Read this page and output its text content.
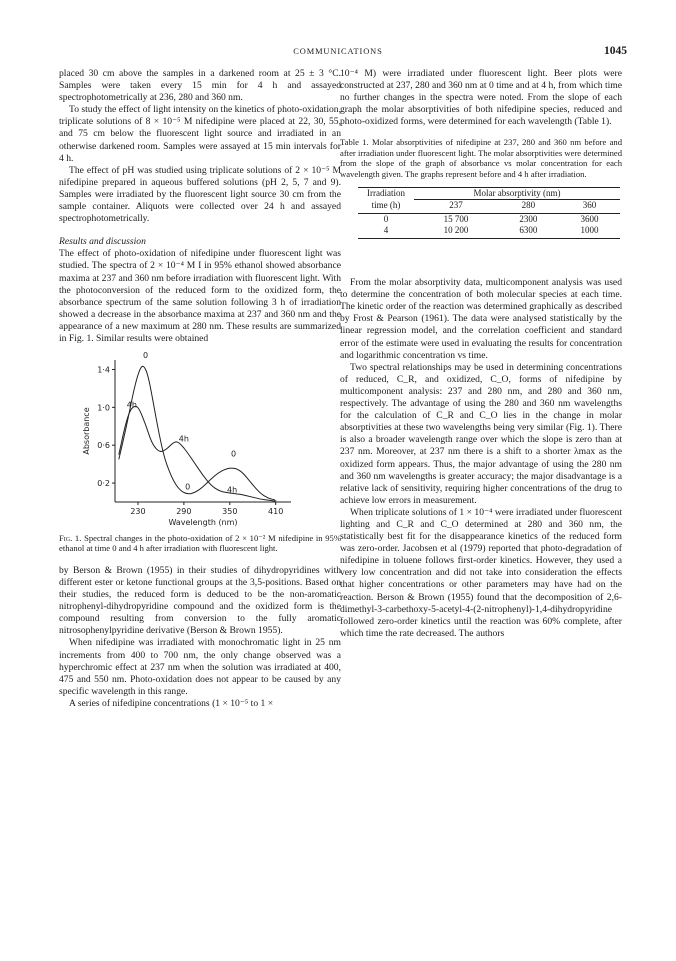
COMMUNICATIONS	1045

placed 30 cm above the samples in a darkened room at 25 ± 3 °C. Samples were taken every 15 min for 4 h and assayed spectrophotometrically at 236, 280 and 360 nm.

To study the effect of light intensity on the kinetics of photo-oxidation, triplicate solutions of 8 × 10⁻⁵ M nifedipine were placed at 22, 30, 55, and 75 cm below the fluorescent light source and irradiated in an otherwise darkened room. Samples were assayed at 15 min intervals for 4 h.

The effect of pH was studied using triplicate solutions of 2 × 10⁻⁵ M nifedipine prepared in aqueous buffered solutions (pH 2, 5, 7 and 9). Samples were irradiated by the fluorescent light source 30 cm from the sample container. Aliquots were collected over 24 h and assayed spectrophotometrically.

Results and discussion

The effect of photo-oxidation of nifedipine under fluorescent light was studied. The spectra of 2 × 10⁻⁴ M I in 95% ethanol showed absorbance maxima at 237 and 360 nm before irradiation with fluorescent light. With the photoconversion of the reduced form to the oxidized form, the absorbance spectrum of the same solution following 3 h of irradiation showed a decrease in the absorbance maxima at 237 and 360 nm and the appearance of a new maximum at 280 nm. These results are summarized in Fig. 1. Similar results were obtained

1·4
1·0
0·6
0·2
230	290	350	410
Wavelength (nm)
Absorbance
0
4h
4h
0
0	4h
Fig. 1. Spectral changes in the photo-oxidation of 2 × 10⁻² M nifedipine in 95% ethanol at time 0 and 4 h after irradiation with fluorescent light.

by Berson & Brown (1955) in their studies of dihydropyridines with different ester or ketone functional groups at the 3,5-positions. Based on their studies, the reduced form is deduced to be the non-aromatic nitrophenyl-dihydropyridine compound and the oxidized form is the compound resulting from conversion to the fully aromatic nitrosophenylpyridine derivative (Berson & Brown 1955).

When nifedipine was irradiated with monochromatic light in 25 nm increments from 400 to 700 nm, the only change observed was a hyperchromic effect at 237 nm when the solution was irradiated at 400, 475 and 550 nm. Photo-oxidation does not appear to be caused by any specific wavelength in this range.

A series of nifedipine concentrations (1 × 10⁻⁵ to 1 ×

10⁻⁴ M) were irradiated under fluorescent light. Beer plots were constructed at 237, 280 and 360 nm at 0 time and at 4 h, from which time no further changes in the spectra were noted. From the slope of each graph the molar absorptivities of both nifedipine species, reduced and photo-oxidized forms, were determined for each wavelength (Table 1).

Table 1. Molar absorptivities of nifedipine at 237, 280 and 360 nm before and after irradiation under fluorescent light. The molar absorptivities were determined from the slope of the graph of absorbance vs molar concentration for each wavelength given. The graphs represent before and 4 h after irradiation.

Irradiation	Molar absorptivity (nm)		
time (h)	237	280	360

0	15 700	2300	3600
4	10 200	6300	1000

From the molar absorptivity data, multicomponent analysis was used to determine the concentration of both molecular species at each time. The kinetic order of the reaction was determined graphically as described by Frost & Pearson (1961). The data were analysed statistically by the linear regression model, and the correlation coefficient and standard error of the estimate were used in evaluating the results for concentration and logarithmic concentration vs time.

Two spectral relationships may be used in determining concentrations of reduced, C_R, and oxidized, C_O, forms of nifedipine by multicomponent analysis: 237 and 280 nm, and 280 and 360 nm, respectively. The advantage of using the 280 and 360 nm wavelengths for the calculation of C_R and C_O lies in the change in molar absorptivities at these two wavelengths being very similar (Fig. 1). There is also a broader wavelength range over which the slope is zero than at 237 nm. Moreover, at 237 nm there is a shift to a shorter λmax as the oxidized form appears. Thus, the major advantage of using the 280 nm and 360 nm wavelengths is greater accuracy; the major disadvantage is a relative lack of sensitivity, requiring higher concentrations of the drug to achieve low errors in measurement.

When triplicate solutions of 1 × 10⁻⁴ were irradiated under fluorescent lighting and C_R and C_O determined at 280 and 360 nm, the statistically best fit for the disappearance kinetics of the reduced form was zero-order. Jacobsen et al (1979) reported that photo-degradation of nifedipine in toluene follows first-order kinetics. However, they used a very low concentration and did not take into consideration the effects that higher concentrations or other parameters may have had on the reaction. Berson & Brown (1955) found that the decomposition of 2,6-dimethyl-3-carbethoxy-5-acetyl-4-(2-nitrophenyl)-1,4-dihydropyridine followed zero-order kinetics until the reaction was 60% complete, after which time the rate decreased. The authors
